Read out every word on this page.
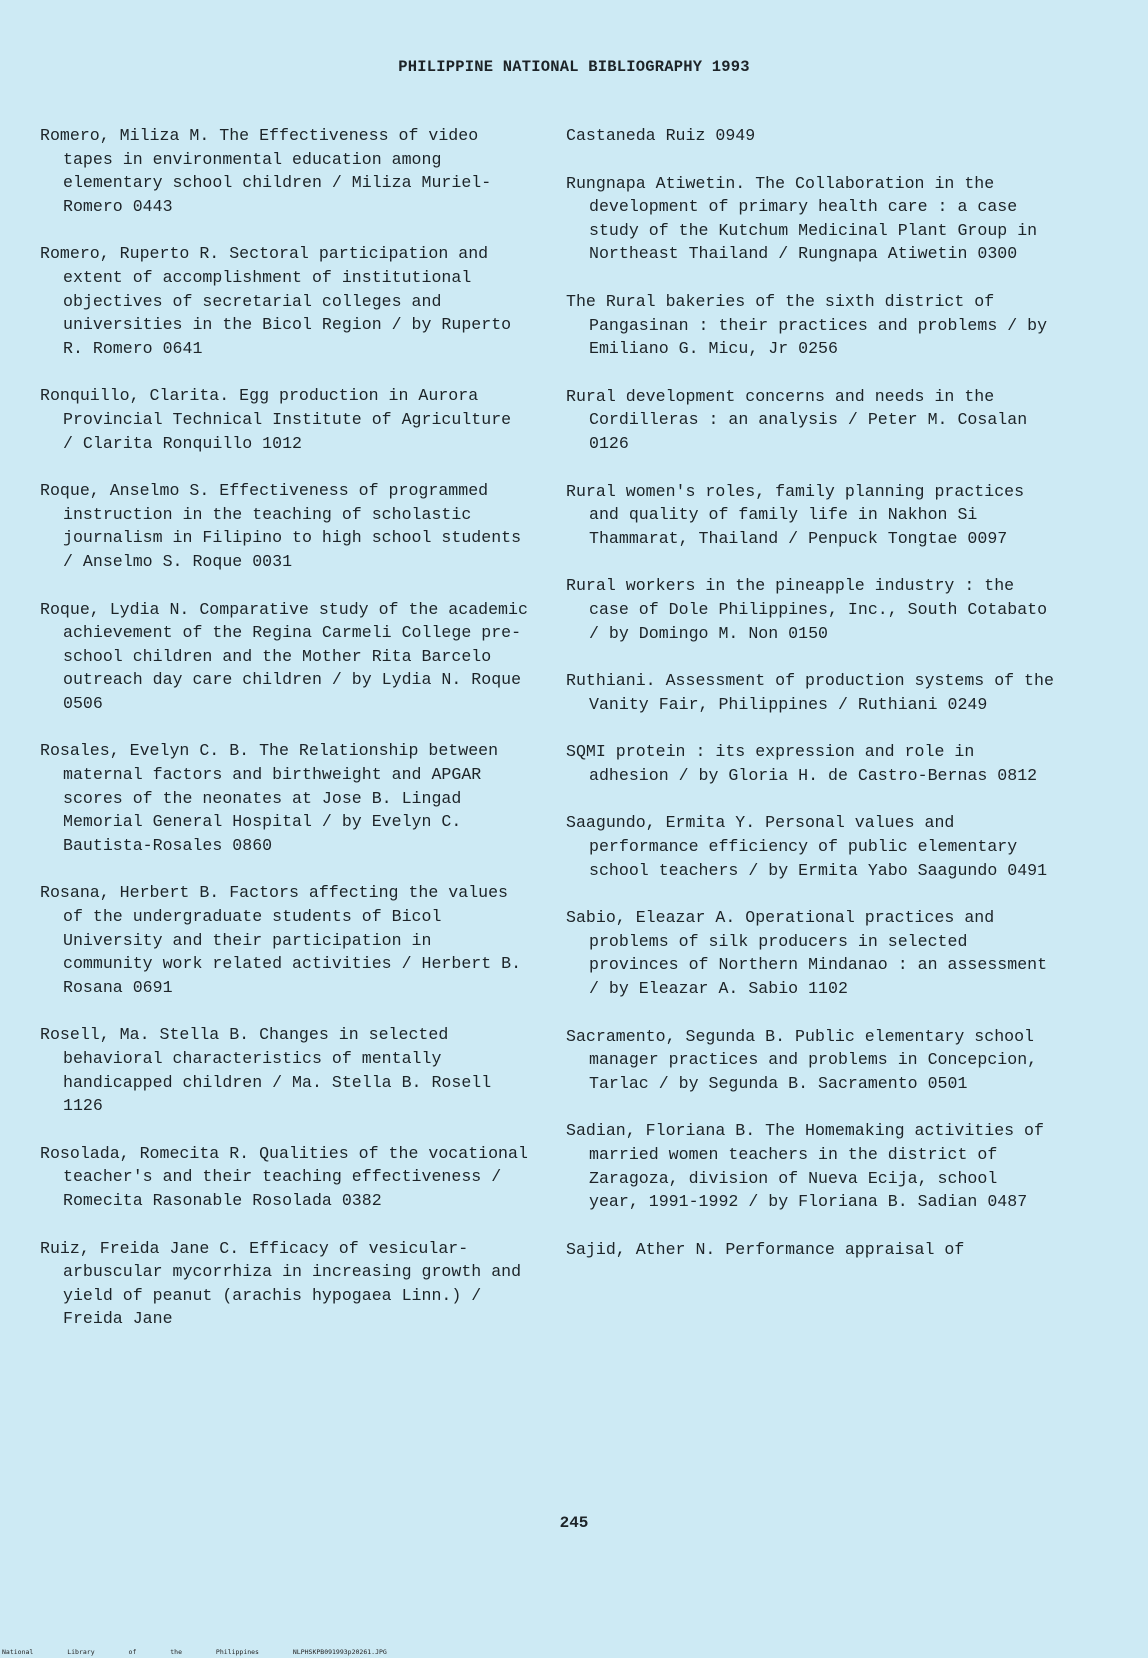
PHILIPPINE NATIONAL BIBLIOGRAPHY 1993

Romero, Miliza M. The Effectiveness of video tapes in environmental education among elementary school children / Miliza Muriel-Romero 0443

Romero, Ruperto R. Sectoral participation and extent of accomplishment of institutional objectives of secretarial colleges and universities in the Bicol Region / by Ruperto R. Romero 0641

Ronquillo, Clarita. Egg production in Aurora Provincial Technical Institute of Agriculture / Clarita Ronquillo 1012

Roque, Anselmo S. Effectiveness of programmed instruction in the teaching of scholastic journalism in Filipino to high school students / Anselmo S. Roque 0031

Roque, Lydia N. Comparative study of the academic achievement of the Regina Carmeli College pre-school children and the Mother Rita Barcelo outreach day care children / by Lydia N. Roque 0506

Rosales, Evelyn C. B. The Relationship between maternal factors and birthweight and APGAR scores of the neonates at Jose B. Lingad Memorial General Hospital / by Evelyn C. Bautista-Rosales 0860

Rosana, Herbert B. Factors affecting the values of the undergraduate students of Bicol University and their participation in community work related activities / Herbert B. Rosana 0691

Rosell, Ma. Stella B. Changes in selected behavioral characteristics of mentally handicapped children / Ma. Stella B. Rosell 1126

Rosolada, Romecita R. Qualities of the vocational teacher's and their teaching effectiveness / Romecita Rasonable Rosolada 0382

Ruiz, Freida Jane C. Efficacy of vesicular-arbuscular mycorrhiza in increasing growth and yield of peanut (arachis hypogaea Linn.) / Freida Jane

Castaneda Ruiz 0949

Rungnapa Atiwetin. The Collaboration in the development of primary health care : a case study of the Kutchum Medicinal Plant Group in Northeast Thailand / Rungnapa Atiwetin 0300

The Rural bakeries of the sixth district of Pangasinan : their practices and problems / by Emiliano G. Micu, Jr 0256

Rural development concerns and needs in the Cordilleras : an analysis / Peter M. Cosalan 0126

Rural women's roles, family planning practices and quality of family life in Nakhon Si Thammarat, Thailand / Penpuck Tongtae 0097

Rural workers in the pineapple industry : the case of Dole Philippines, Inc., South Cotabato / by Domingo M. Non 0150

Ruthiani. Assessment of production systems of the Vanity Fair, Philippines / Ruthiani 0249

SQMI protein : its expression and role in adhesion / by Gloria H. de Castro-Bernas 0812

Saagundo, Ermita Y. Personal values and performance efficiency of public elementary school teachers / by Ermita Yabo Saagundo 0491

Sabio, Eleazar A. Operational practices and problems of silk producers in selected provinces of Northern Mindanao : an assessment / by Eleazar A. Sabio 1102

Sacramento, Segunda B. Public elementary school manager practices and problems in Concepcion, Tarlac / by Segunda B. Sacramento 0501

Sadian, Floriana B. The Homemaking activities of married women teachers in the district of Zaragoza, division of Nueva Ecija, school year, 1991-1992 / by Floriana B. Sadian 0487

Sajid, Ather N. Performance appraisal of

245
National Library of the Philippines	NLPHSKPB091993p20261.JPG
